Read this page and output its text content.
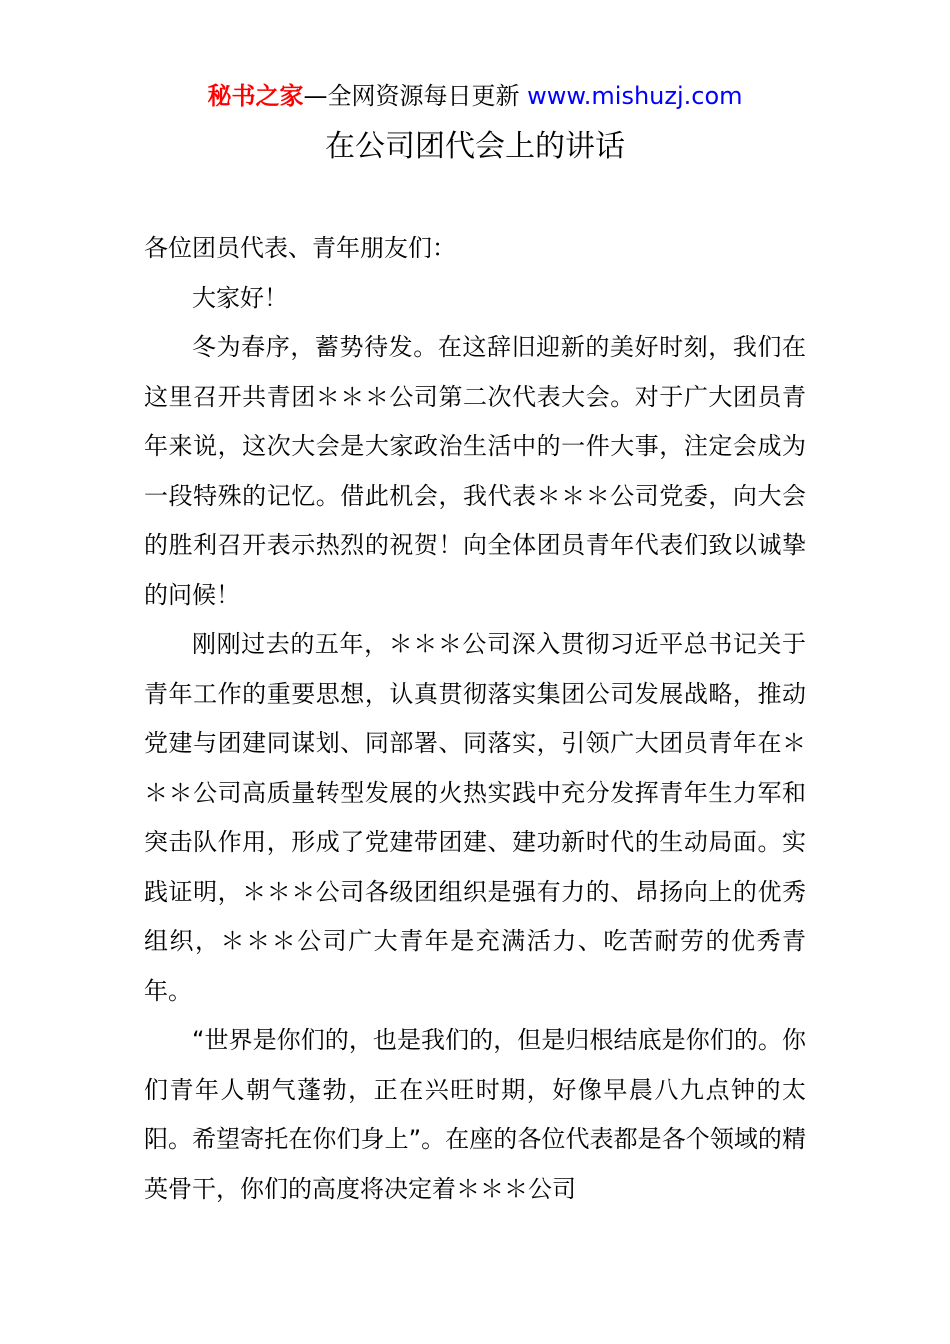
秘书之家—全网资源每日更新 www.mishuzj.com
在公司团代会上的讲话

各位团员代表、青年朋友们：

大家好！

冬为春序，蓄势待发。在这辞旧迎新的美好时刻，我们在这里召开共青团＊＊＊公司第二次代表大会。对于广大团员青年来说，这次大会是大家政治生活中的一件大事，注定会成为一段特殊的记忆。借此机会，我代表＊＊＊公司党委，向大会的胜利召开表示热烈的祝贺！向全体团员青年代表们致以诚挚的问候！

刚刚过去的五年，＊＊＊公司深入贯彻习近平总书记关于青年工作的重要思想，认真贯彻落实集团公司发展战略，推动党建与团建同谋划、同部署、同落实，引领广大团员青年在＊＊＊公司高质量转型发展的火热实践中充分发挥青年生力军和突击队作用，形成了党建带团建、建功新时代的生动局面。实践证明，＊＊＊公司各级团组织是强有力的、昂扬向上的优秀组织，＊＊＊公司广大青年是充满活力、吃苦耐劳的优秀青年。

“世界是你们的，也是我们的，但是归根结底是你们的。你们青年人朝气蓬勃，正在兴旺时期，好像早晨八九点钟的太阳。希望寄托在你们身上”。在座的各位代表都是各个领域的精英骨干，你们的高度将决定着＊＊＊公司
